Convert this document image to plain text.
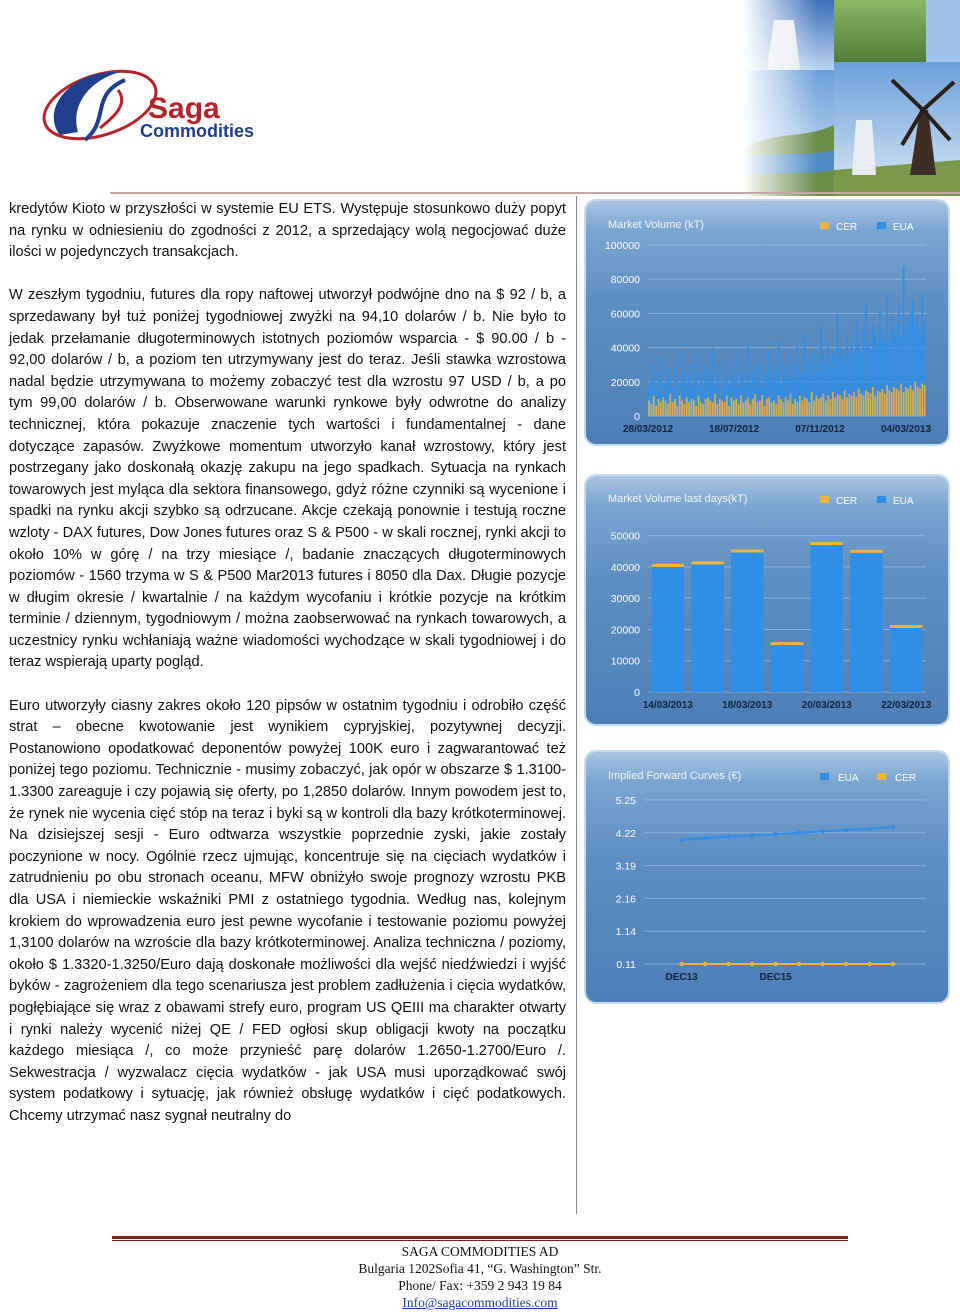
Saga
Commodities

kredytów Kioto w przyszłości w systemie EU ETS. Występuje stosunkowo duży popyt na rynku w odniesieniu do zgodności z 2012, a sprzedający wolą negocjować duże ilości w pojedynczych transakcjach.

W zeszłym tygodniu, futures dla ropy naftowej utworzył podwójne dno na $ 92 / b, a sprzedawany był tuż poniżej tygodniowej zwyżki na 94,10 dolarów / b. Nie było to jedak przełamanie długoterminowych istotnych poziomów wsparcia - $ 90.00 / b - 92,00 dolarów / b, a poziom ten utrzymywany jest do teraz. Jeśli stawka wzrostowa nadal będzie utrzymywana to możemy zobaczyć test dla wzrostu 97 USD / b, a po tym 99,00 dolarów / b. Obserwowane warunki rynkowe były odwrotne do analizy technicznej, która pokazuje znaczenie tych wartości i fundamentalnej - dane dotyczące zapasów. Zwyżkowe momentum utworzyło kanał wzrostowy, który jest postrzegany jako doskonałą okazję zakupu na jego spadkach. Sytuacja na rynkach towarowych jest myląca dla sektora finansowego, gdyż różne czynniki są wycenione i spadki na rynku akcji szybko są odrzucane. Akcje czekają ponownie i testują roczne wzloty - DAX futures, Dow Jones futures oraz S & P500 - w skali rocznej, rynki akcji to około 10% w górę / na trzy miesiące /, badanie znaczących długoterminowych poziomów - 1560 trzyma w S & P500 Mar2013 futures i 8050 dla Dax. Długie pozycje w długim okresie / kwartalnie / na każdym wycofaniu i krótkie pozycje na krótkim terminie / dziennym, tygodniowym / można zaobserwować na rynkach towarowych, a uczestnicy rynku wchłaniają ważne wiadomości wychodzące w skali tygodniowej i do teraz wspierają uparty pogląd.

Euro utworzyły ciasny zakres około 120 pipsów w ostatnim tygodniu i odrobiło część strat – obecne kwotowanie jest wynikiem cypryjskiej, pozytywnej decyzji. Postanowiono opodatkować deponentów powyżej 100K euro i zagwarantować też poniżej tego poziomu. Technicznie - musimy zobaczyć, jak opór w obszarze $ 1.3100-1.3300 zareaguje i czy pojawią się oferty, po 1,2850 dolarów. Innym powodem jest to, że rynek nie wycenia cięć stóp na teraz i byki są w kontroli dla bazy krótkoterminowej. Na dzisiejszej sesji - Euro odtwarza wszystkie poprzednie zyski, jakie zostały poczynione w nocy. Ogólnie rzecz ujmując, koncentruje się na cięciach wydatków i zatrudnieniu po obu stronach oceanu, MFW obniżyło swoje prognozy wzrostu PKB dla USA i niemieckie wskaźniki PMI z ostatniego tygodnia. Według nas, kolejnym krokiem do wprowadzenia euro jest pewne wycofanie i testowanie poziomu powyżej 1,3100 dolarów na wzroście dla bazy krótkoterminowej. Analiza techniczna / poziomy, około $ 1.3320-1.3250/Euro dają doskonałe możliwości dla wejść niedźwiedzi i wyjść byków - zagrożeniem dla tego scenariusza jest problem zadłużenia i cięcia wydatków, pogłębiające się wraz z obawami strefy euro, program US QEIII ma charakter otwarty i rynki należy wycenić niżej QE / FED ogłosi skup obligacji kwoty na początku każdego miesiąca /, co może przynieść parę dolarów 1.2650-1.2700/Euro /. Sekwestracja / wyzwalacz cięcia wydatków - jak USA musi uporządkować swój system podatkowy i sytuację, jak również obsługę wydatków i cięć podatkowych. Chcemy utrzymać nasz sygnał neutralny do

Market Volume (kT)	CER	EUA
100000
80000
60000
40000
20000
0
28/03/2012	18/07/2012	07/11/2012	04/03/2013
Market Volume last days(kT)	CER	EUA
50000
40000
30000
20000
10000
0
14/03/2013	18/03/2013	20/03/2013	22/03/2013
Implied Forward Curves (€)	EUA	CER
5.25
4.22
3.19
2.16
1.14
0.11
DEC13	DEC15
SAGA COMMODITIES AD
Bulgaria 1202Sofia 41, “G. Washington” Str.
Phone/ Fax: +359 2 943 19 84
Info@sagacommodities.com
